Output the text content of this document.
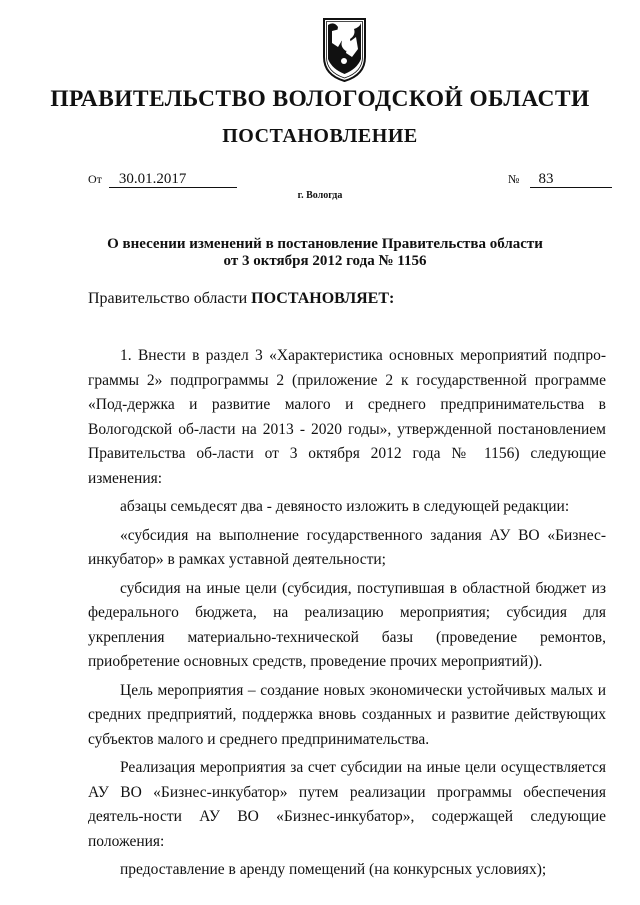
ПРАВИТЕЛЬСТВО ВОЛОГОДСКОЙ ОБЛАСТИ
ПОСТАНОВЛЕНИЕ
От 30.01.2017	№ 83
г. Вологда
О внесении изменений в постановление Правительства области
от 3 октября 2012 года № 1156
Правительство области ПОСТАНОВЛЯЕТ:

1. Внести в раздел 3 «Характеристика основных мероприятий подпро-граммы 2» подпрограммы 2 (приложение 2 к государственной программе «Под-держка и развитие малого и среднего предпринимательства в Вологодской об-ласти на 2013 - 2020 годы», утвержденной постановлением Правительства об-ласти от 3 октября 2012 года № 1156) следующие изменения:

абзацы семьдесят два - девяносто изложить в следующей редакции:

«субсидия на выполнение государственного задания АУ ВО «Бизнес-инкубатор» в рамках уставной деятельности;

субсидия на иные цели (субсидия, поступившая в областной бюджет из федерального бюджета, на реализацию мероприятия; субсидия для укрепления материально-технической базы (проведение ремонтов, приобретение основных средств, проведение прочих мероприятий)).

Цель мероприятия – создание новых экономически устойчивых малых и средних предприятий, поддержка вновь созданных и развитие действующих субъектов малого и среднего предпринимательства.

Реализация мероприятия за счет субсидии на иные цели осуществляется АУ ВО «Бизнес-инкубатор» путем реализации программы обеспечения деятель-ности АУ ВО «Бизнес-инкубатор», содержащей следующие положения:

предоставление в аренду помещений (на конкурсных условиях);
